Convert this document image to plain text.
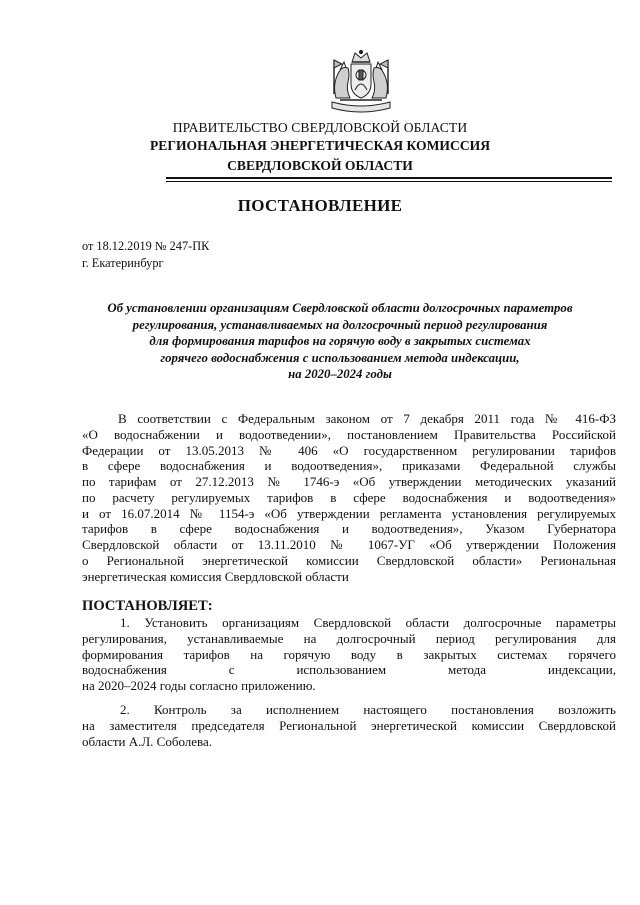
ПРАВИТЕЛЬСТВО СВЕРДЛОВСКОЙ ОБЛАСТИ
РЕГИОНАЛЬНАЯ ЭНЕРГЕТИЧЕСКАЯ КОМИССИЯ
СВЕРДЛОВСКОЙ ОБЛАСТИ
ПОСТАНОВЛЕНИЕ
от 18.12.2019 № 247-ПК
г. Екатеринбург
Об установлении организациям Свердловской области долгосрочных параметров
регулирования, устанавливаемых на долгосрочный период регулирования
для формирования тарифов на горячую воду в закрытых системах
горячего водоснабжения с использованием метода индексации,
на 2020–2024 годы
В соответствии с Федеральным законом от 7 декабря 2011 года № 416-ФЗ
«О водоснабжении и водоотведении», постановлением Правительства Российской
Федерации от 13.05.2013 № 406 «О государственном регулировании тарифов
в сфере водоснабжения и водоотведения», приказами Федеральной службы
по тарифам от 27.12.2013 № 1746-э «Об утверждении методических указаний
по расчету регулируемых тарифов в сфере водоснабжения и водоотведения»
и от 16.07.2014 № 1154-э «Об утверждении регламента установления регулируемых
тарифов в сфере водоснабжения и водоотведения», Указом Губернатора
Свердловской области от 13.11.2010 № 1067-УГ «Об утверждении Положения
о Региональной энергетической комиссии Свердловской области» Региональная
энергетическая комиссия Свердловской области
ПОСТАНОВЛЯЕТ:
1. Установить организациям Свердловской области долгосрочные параметры
регулирования, устанавливаемые на долгосрочный период регулирования для
формирования тарифов на горячую воду в закрытых системах горячего
водоснабжения с использованием метода индексации,
на 2020–2024 годы согласно приложению.
2. Контроль за исполнением настоящего постановления возложить
на заместителя председателя Региональной энергетической комиссии Свердловской
области А.Л. Соболева.
